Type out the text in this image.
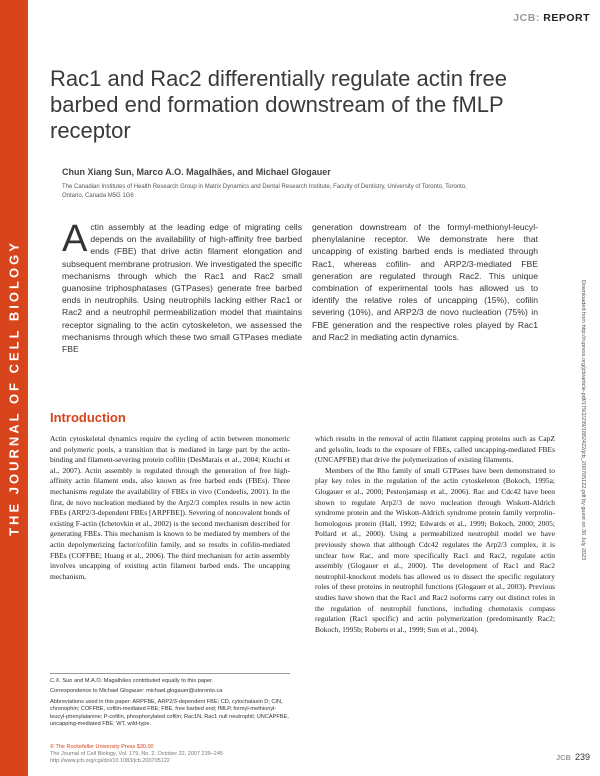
THE JOURNAL OF CELL BIOLOGY
JCB: REPORT
Rac1 and Rac2 differentially regulate actin free barbed end formation downstream of the fMLP receptor
Chun Xiang Sun, Marco A.O. Magalhães, and Michael Glogauer
The Canadian Institutes of Health Research Group in Matrix Dynamics and Dental Research Institute, Faculty of Dentistry, University of Toronto, Toronto, Ontario, Canada M5G 1G6
Actin assembly at the leading edge of migrating cells depends on the availability of high-affinity free barbed ends (FBE) that drive actin filament elongation and subsequent membrane protrusion. We investigated the specific mechanisms through which the Rac1 and Rac2 small guanosine triphosphatases (GTPases) generate free barbed ends in neutrophils. Using neutrophils lacking either Rac1 or Rac2 and a neutrophil permeabilization model that maintains receptor signaling to the actin cytoskeleton, we assessed the mechanisms through which these two small GTPases mediate FBE
generation downstream of the formyl-methionyl-leucyl-phenylalanine receptor. We demonstrate here that uncapping of existing barbed ends is mediated through Rac1, whereas cofilin- and ARP2/3-mediated FBE generation are regulated through Rac2. This unique combination of experimental tools has allowed us to identify the relative roles of uncapping (15%), cofilin severing (10%), and ARP2/3 de novo nucleation (75%) in FBE generation and the respective roles played by Rac1 and Rac2 in mediating actin dynamics.	Downloaded from http://rupress.org/jcb/article-pdf/179/2/239/1882422/jcb_200705122.pdf by guest on 30 July 2023
Introduction

Actin cytoskeletal dynamics require the cycling of actin between monomeric and polymeric pools, a transition that is mediated in large part by the actin-binding and filament-severing protein cofilin (DesMarais et al., 2004; Kiuchi et al., 2007). Actin assembly is regulated through the generation of free high-affinity actin filament ends, also known as free barbed ends (FBEs). Three mechanisms regulate the availability of FBEs in vivo (Condeelis, 2001). In the first, de novo nucleation mediated by the Arp2/3 complex results in new actin FBEs (ARP2/3-dependent FBEs [ARPFBE]). Severing of noncovalent bonds of existing F-actin (Ichetovkin et al., 2002) is the second mechanism described for generating FBEs. This mechanism is known to be mediated by members of the actin depolymerizing factor/cofilin family, and so results in cofilin-mediated FBEs (COFFBE; Huang et al., 2006). The third mechanism for actin assembly involves uncapping of existing actin filament barbed ends. The uncapping mechanism,

which results in the removal of actin filament capping proteins such as CapZ and gelsolin, leads to the exposure of FBEs, called uncapping-mediated FBEs (UNCAPFBE) that drive the polymerization of existing filaments.

Members of the Rho family of small GTPases have been demonstrated to play key roles in the regulation of the actin cytoskeleton (Bokoch, 1995a; Glogauer et al., 2000; Pestonjamasp et al., 2006). Rac and Cdc42 have been shown to regulate Arp2/3 de novo nucleation through Wiskott-Aldrich syndrome protein and the Wiskott-Aldrich syndrome protein family verprolin-homologous protein (Hall, 1992; Edwards et al., 1999; Bokoch, 2000; 2005; Pollard et al., 2000). Using a permeabilized neutrophil model we have previously shown that although Cdc42 regulates the Arp2/3 complex, it is unclear how Rac, and more specifically Rac1 and Rac2, regulate actin assembly (Glogauer et al., 2000). The development of Rac1 and Rac2 neutrophil-knockout models has allowed us to dissect the specific regulatory roles of these proteins in neutrophil functions (Glogauer et al., 2003). Previous studies have shown that the Rac1 and Rac2 isoforms carry out distinct roles in the regulation of neutrophil functions, including chemotaxis compass regulation (Rac1 specific) and actin polymerization (predominantly Rac2; Bokoch, 1995b; Roberts et al., 1999; Sun et al., 2004).

C.X. Sun and M.A.O. Magalhães contributed equally to this paper.

Correspondence to Michael Glogauer: michael.glogauer@utoronto.ca

Abbreviations used in this paper: ARPFBE, ARP2/3-dependent FBE; CD, cytochalasin D; CIN, chronophin; COFFBE, cofilin-mediated FBE; FBE, free barbed end; fMLP, formyl-methionyl-leucyl-phenylalanine; P-cofilin, phosphorylated cofilin; Rac1N, Rac1 null neutrophil; UNCAPFBE, uncapping-mediated FBE; WT, wild-type.

© The Rockefeller University Press $30.00
The Journal of Cell Biology, Vol. 179, No. 2, October 22, 2007 239–245
http://www.jcb.org/cgi/doi/10.1083/jcb.200705122	JCB 239
